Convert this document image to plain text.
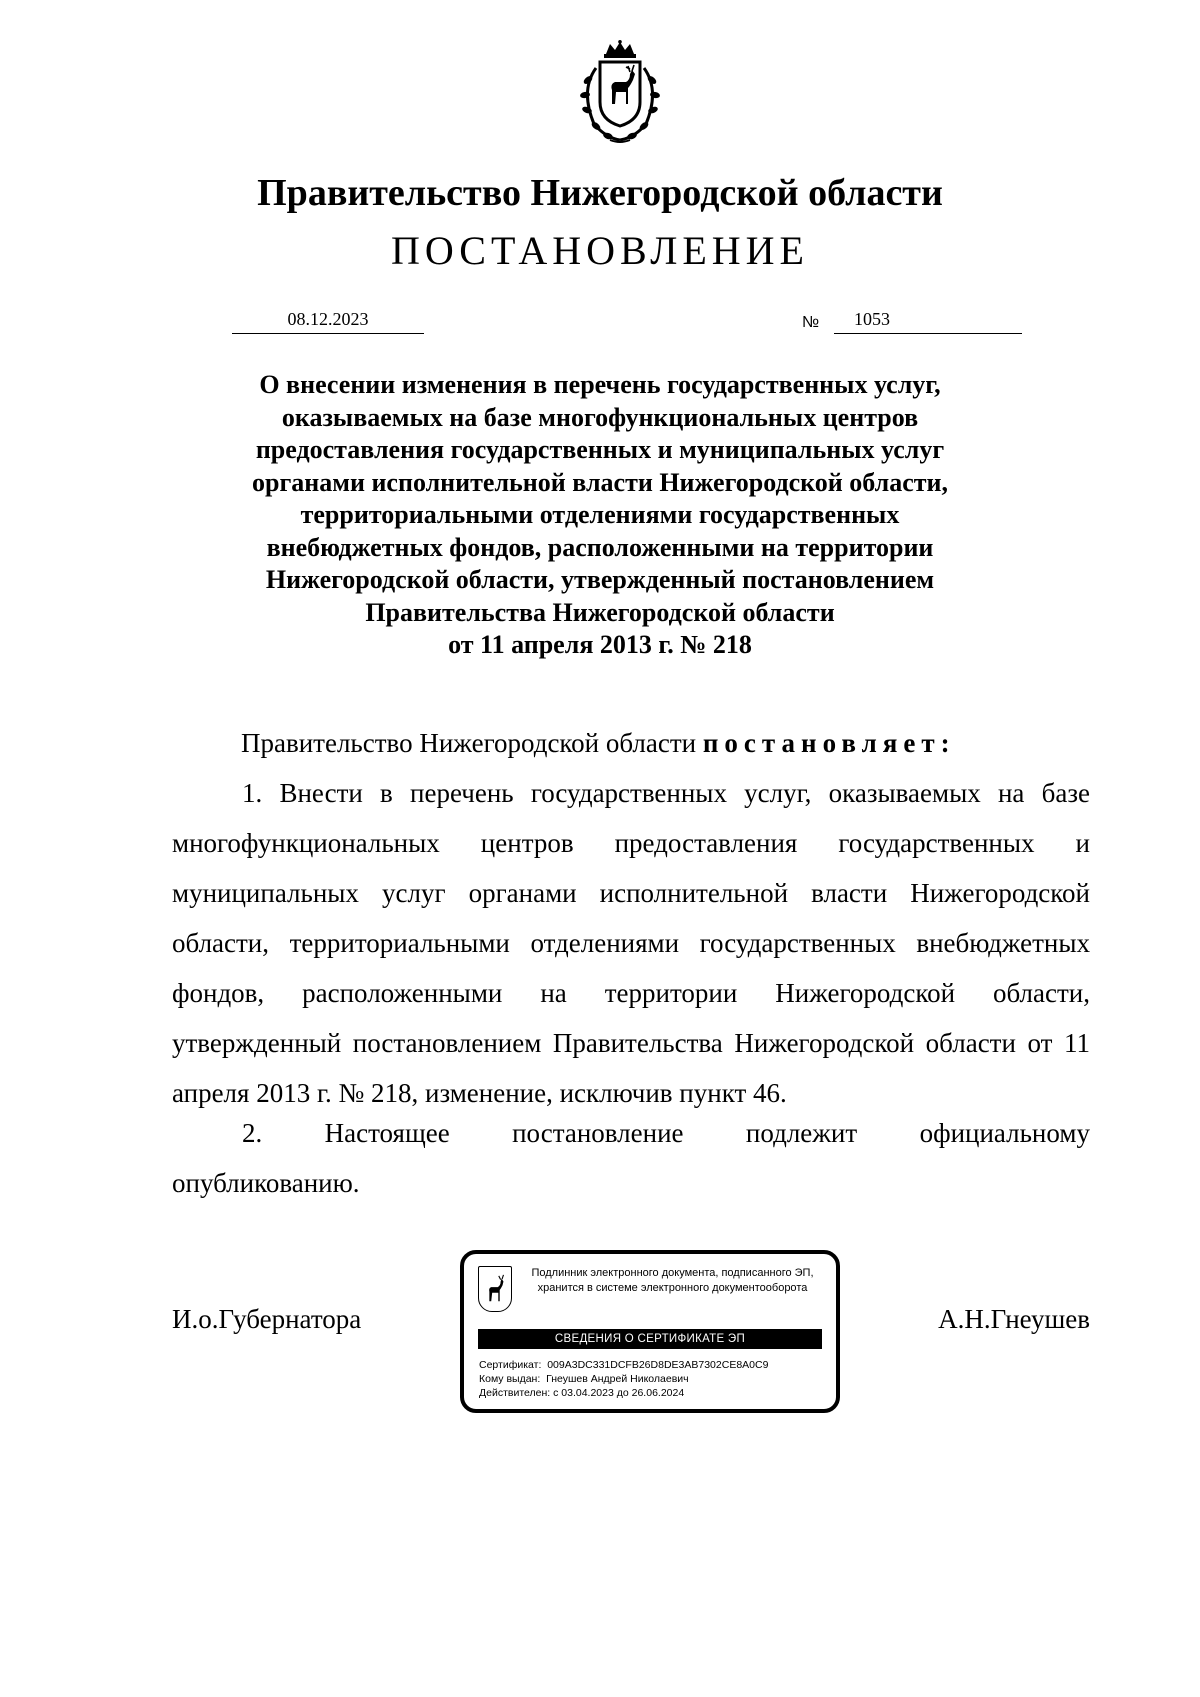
Правительство Нижегородской области
ПОСТАНОВЛЕНИЕ
08.12.2023	№	1053
О внесении изменения в перечень государственных услуг,
оказываемых на базе многофункциональных центров
предоставления государственных и муниципальных услуг
органами исполнительной власти Нижегородской области,
территориальными отделениями государственных
внебюджетных фондов, расположенными на территории
Нижегородской области, утвержденный постановлением
Правительства Нижегородской области
от 11 апреля 2013 г. № 218
Правительство Нижегородской области постановляет:
1. Внести в перечень государственных услуг, оказываемых на базе многофункциональных центров предоставления государственных и муниципальных услуг органами исполнительной власти Нижегородской области, территориальными отделениями государственных внебюджетных фондов, расположенными на территории Нижегородской области, утвержденный постановлением Правительства Нижегородской области от 11 апреля 2013 г. № 218, изменение, исключив пункт 46.
2. Настоящее постановление подлежит официальному
опубликованию.
И.о.Губернатора
Подлинник электронного документа, подписанного ЭП, хранится в системе электронного документооборота
СВЕДЕНИЯ О СЕРТИФИКАТЕ ЭП
Сертификат: 009A3DC331DCFB26D8DE3AB7302CE8A0C9
Кому выдан: Гнеушев Андрей Николаевич
Действителен: с 03.04.2023 до 26.06.2024
А.Н.Гнеушев
